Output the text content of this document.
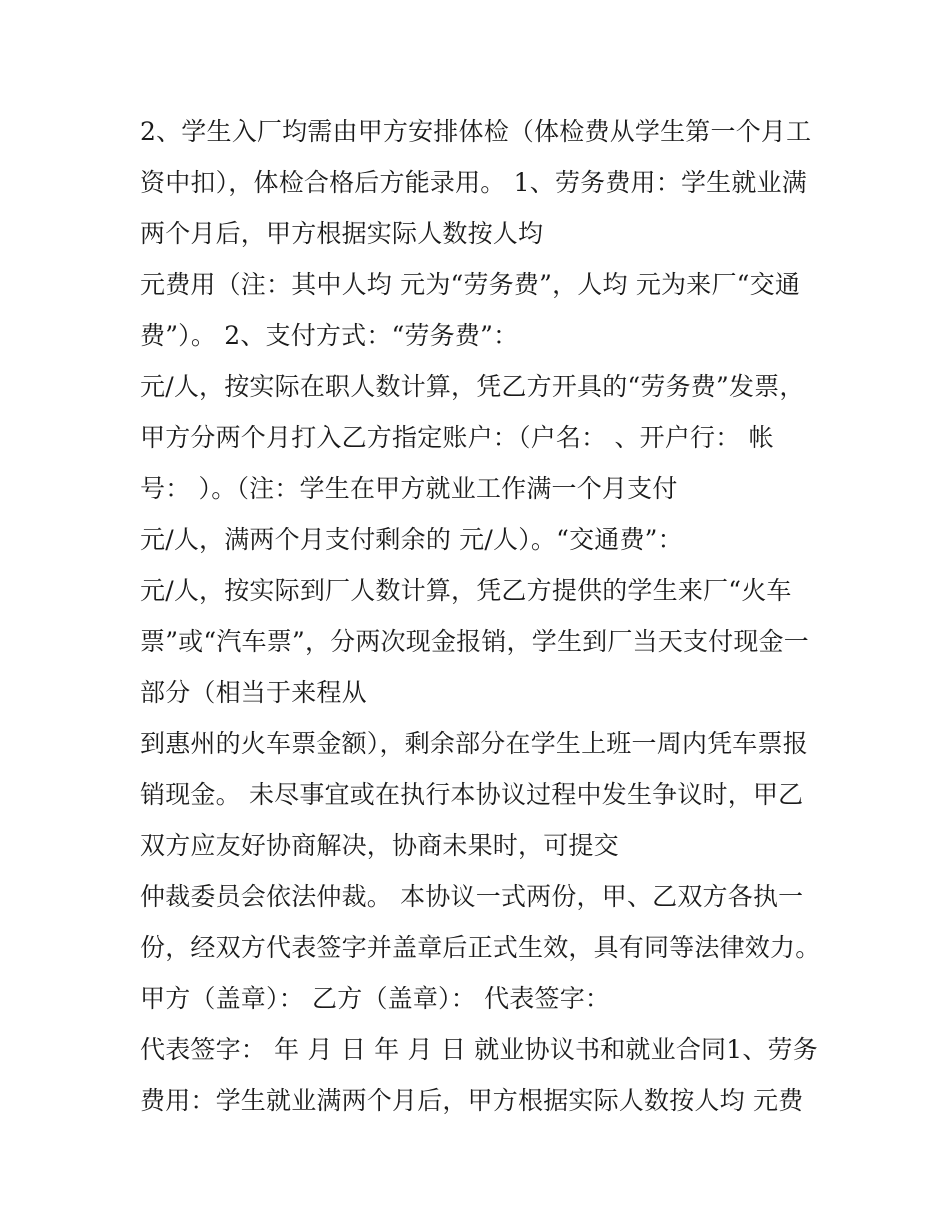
2、学生入厂均需由甲方安排体检（体检费从学生第一个月工
资中扣），体检合格后方能录用。 1、劳务费用：学生就业满
两个月后，甲方根据实际人数按人均
元费用（注：其中人均 元为“劳务费”，人均 元为来厂“交通
费”）。 2、支付方式：“劳务费”：
元/人，按实际在职人数计算，凭乙方开具的“劳务费”发票，
甲方分两个月打入乙方指定账户：（户名： 、开户行： 帐
号： ）。（注：学生在甲方就业工作满一个月支付
元/人，满两个月支付剩余的 元/人）。“交通费”：
元/人，按实际到厂人数计算，凭乙方提供的学生来厂“火车
票”或“汽车票”，分两次现金报销，学生到厂当天支付现金一
部分（相当于来程从
到惠州的火车票金额），剩余部分在学生上班一周内凭车票报
销现金。 未尽事宜或在执行本协议过程中发生争议时，甲乙
双方应友好协商解决，协商未果时，可提交
仲裁委员会依法仲裁。 本协议一式两份，甲、乙双方各执一
份，经双方代表签字并盖章后正式生效，具有同等法律效力。
甲方（盖章）： 乙方（盖章）： 代表签字：
代表签字： 年 月 日 年 月 日 就业协议书和就业合同1、劳务
费用：学生就业满两个月后，甲方根据实际人数按人均 元费
